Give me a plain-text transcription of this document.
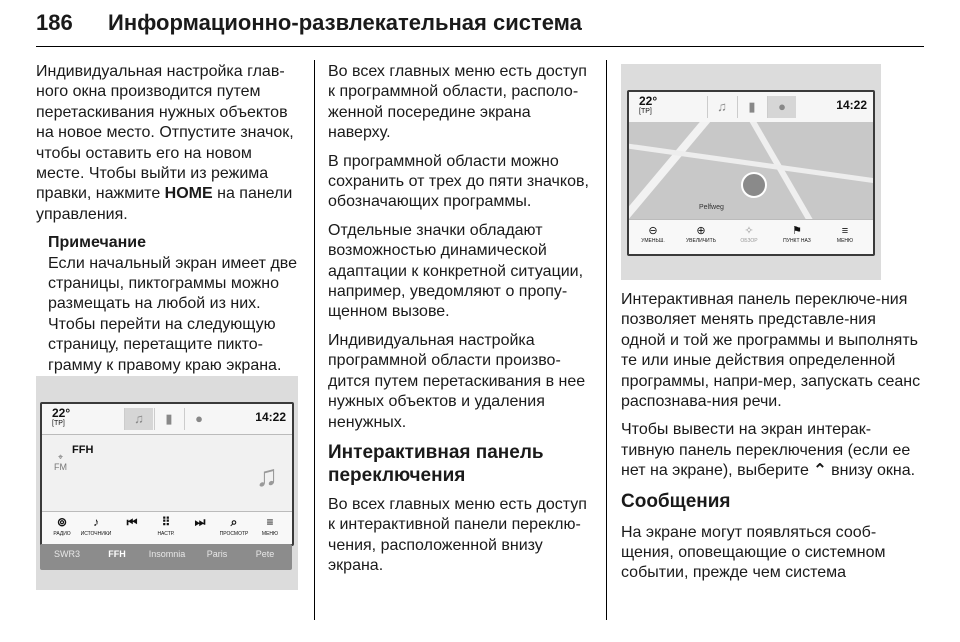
186 Информационно-развлекательная система

Индивидуальная настройка глав-ного окна производится путем перетаскивания нужных объектов на новое место. Отпустите значок, чтобы оставить его на новом месте. Чтобы выйти из режима правки, нажмите HOME на панели управления.

Примечание
Если начальный экран имеет две страницы, пиктограммы можно размещать на любой из них. Чтобы перейти на следующую страницу, перетащите пикто-грамму к правому краю экрана.

Во всех главных меню есть доступ к программной области, располо-женной посередине экрана наверху.

В программной области можно сохранить от трех до пяти значков, обозначающих программы.

Отдельные значки обладают возможностью динамической адаптации к конкретной ситуации, например, уведомляют о пропу-щенном вызове.

Индивидуальная настройка программной области произво-дится путем перетаскивания в нее нужных объектов и удаления ненужных.

Интерактивная панель переключения

Во всех главных меню есть доступ к интерактивной панели переклю-чения, расположенной внизу экрана.

Интерактивная панель переключе-ния позволяет менять представле-ния одной и той же программы и выполнять те или иные действия определенной программы, напри-мер, запускать сеанс распознава-ния речи.

Чтобы вывести на экран интерак-тивную панель переключения (если ее нет на экране), выберите ⌃ внизу окна.

Сообщения

На экране могут появляться сооб-щения, оповещающие о системном событии, прежде чем система

22°
[TP]	♫	▮	●	14:22
⌖
FM
FFH
♫
⊚
РАДИО
♪
ИСТОЧНИКИ
⏮	⠿
НАСТР.
⏭	⌕
ПРОСМОТР
≡
МЕНЮ
SWR3	FFH	Insomnia	Paris	Pete
22°
[TP]	♫	▮	●	14:22
Pelfweg
⊖
УМЕНЬШ.
⊕
УВЕЛИЧИТЬ
✧
ОБЗОР
⚑
ПУНКТ НАЗ
≡
МЕНЮ
